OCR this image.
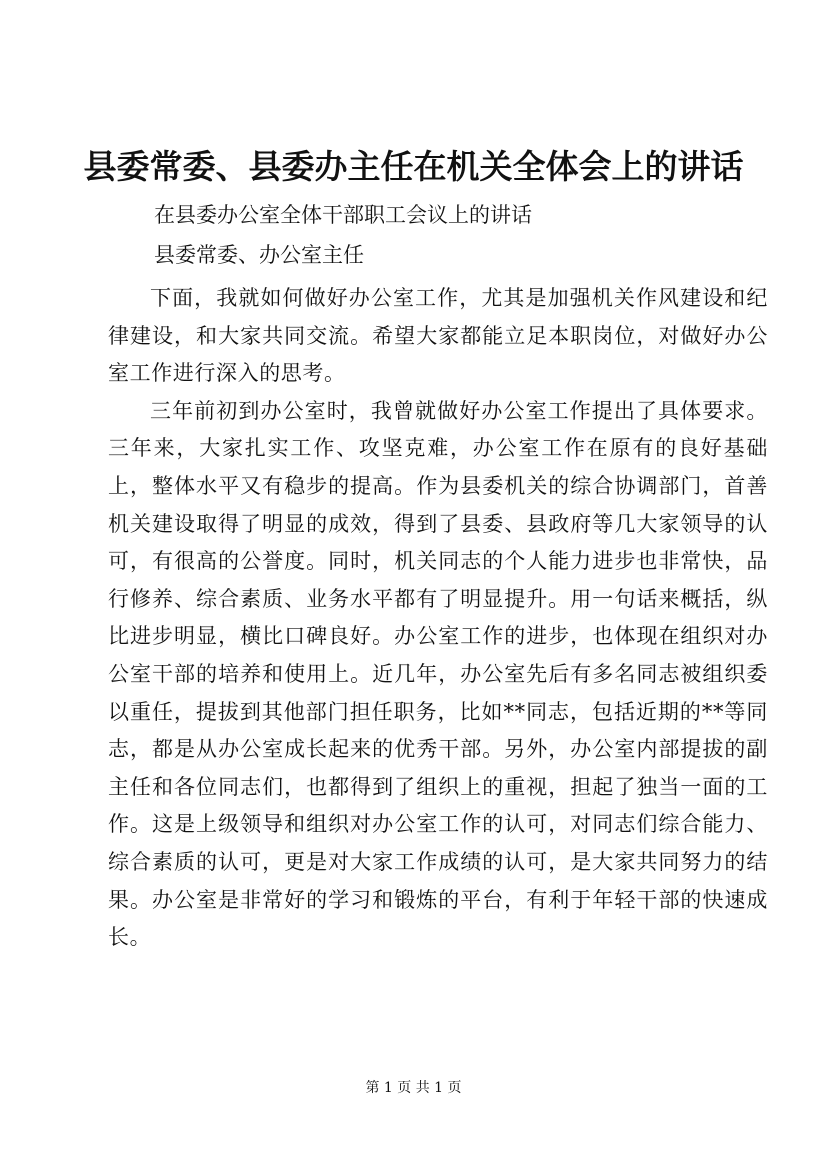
县委常委、县委办主任在机关全体会上的讲话
在县委办公室全体干部职工会议上的讲话
县委常委、办公室主任

下面，我就如何做好办公室工作，尤其是加强机关作风建设和纪律建设，和大家共同交流。希望大家都能立足本职岗位，对做好办公室工作进行深入的思考。

三年前初到办公室时，我曾就做好办公室工作提出了具体要求。三年来，大家扎实工作、攻坚克难，办公室工作在原有的良好基础上，整体水平又有稳步的提高。作为县委机关的综合协调部门，首善机关建设取得了明显的成效，得到了县委、县政府等几大家领导的认可，有很高的公誉度。同时，机关同志的个人能力进步也非常快，品行修养、综合素质、业务水平都有了明显提升。用一句话来概括，纵比进步明显，横比口碑良好。办公室工作的进步，也体现在组织对办公室干部的培养和使用上。近几年，办公室先后有多名同志被组织委以重任，提拔到其他部门担任职务，比如**同志，包括近期的**等同志，都是从办公室成长起来的优秀干部。另外，办公室内部提拔的副主任和各位同志们，也都得到了组织上的重视，担起了独当一面的工作。这是上级领导和组织对办公室工作的认可，对同志们综合能力、综合素质的认可，更是对大家工作成绩的认可，是大家共同努力的结果。办公室是非常好的学习和锻炼的平台，有利于年轻干部的快速成长。

第 1 页 共 1 页
